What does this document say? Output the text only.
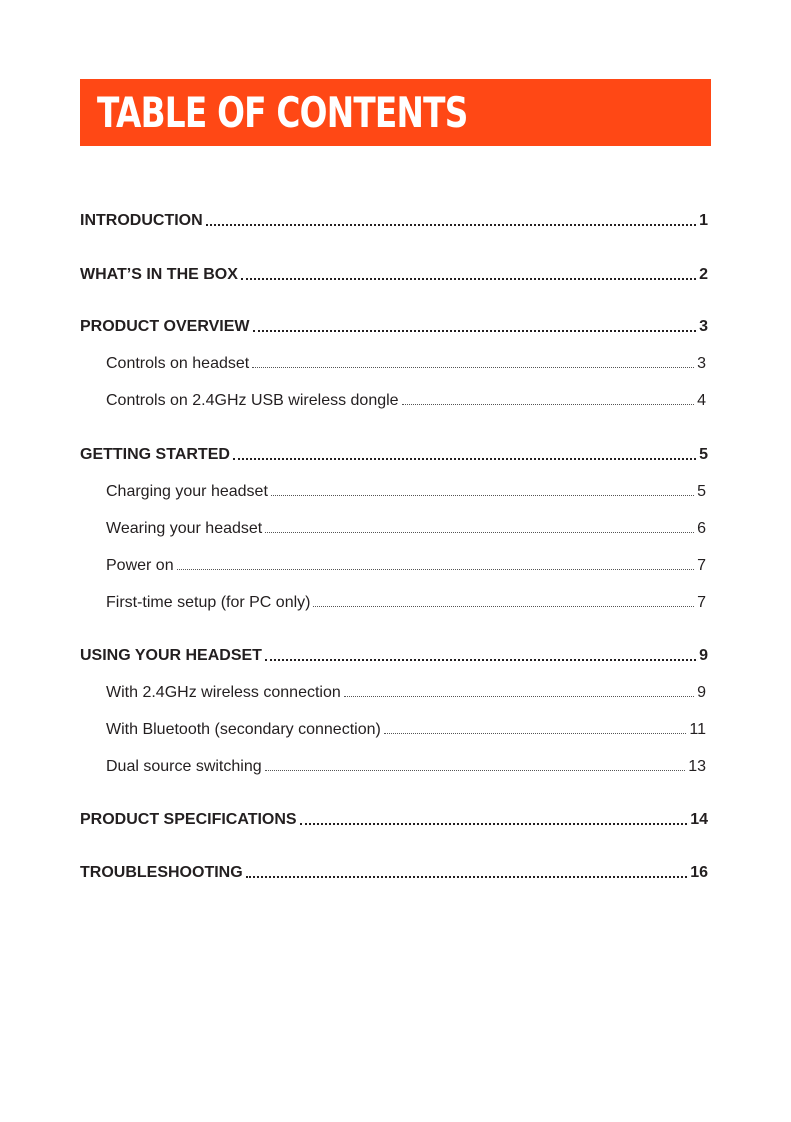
TABLE OF CONTENTS
INTRODUCTION	1
WHAT’S IN THE BOX	2
PRODUCT OVERVIEW	3
Controls on headset	3
Controls on 2.4GHz USB wireless dongle	4
GETTING STARTED	5
Charging your headset	5
Wearing your headset	6
Power on	7
First-time setup (for PC only)	7
USING YOUR HEADSET	9
With 2.4GHz wireless connection	9
With Bluetooth (secondary connection)	11
Dual source switching	13
PRODUCT SPECIFICATIONS	14
TROUBLESHOOTING	16
